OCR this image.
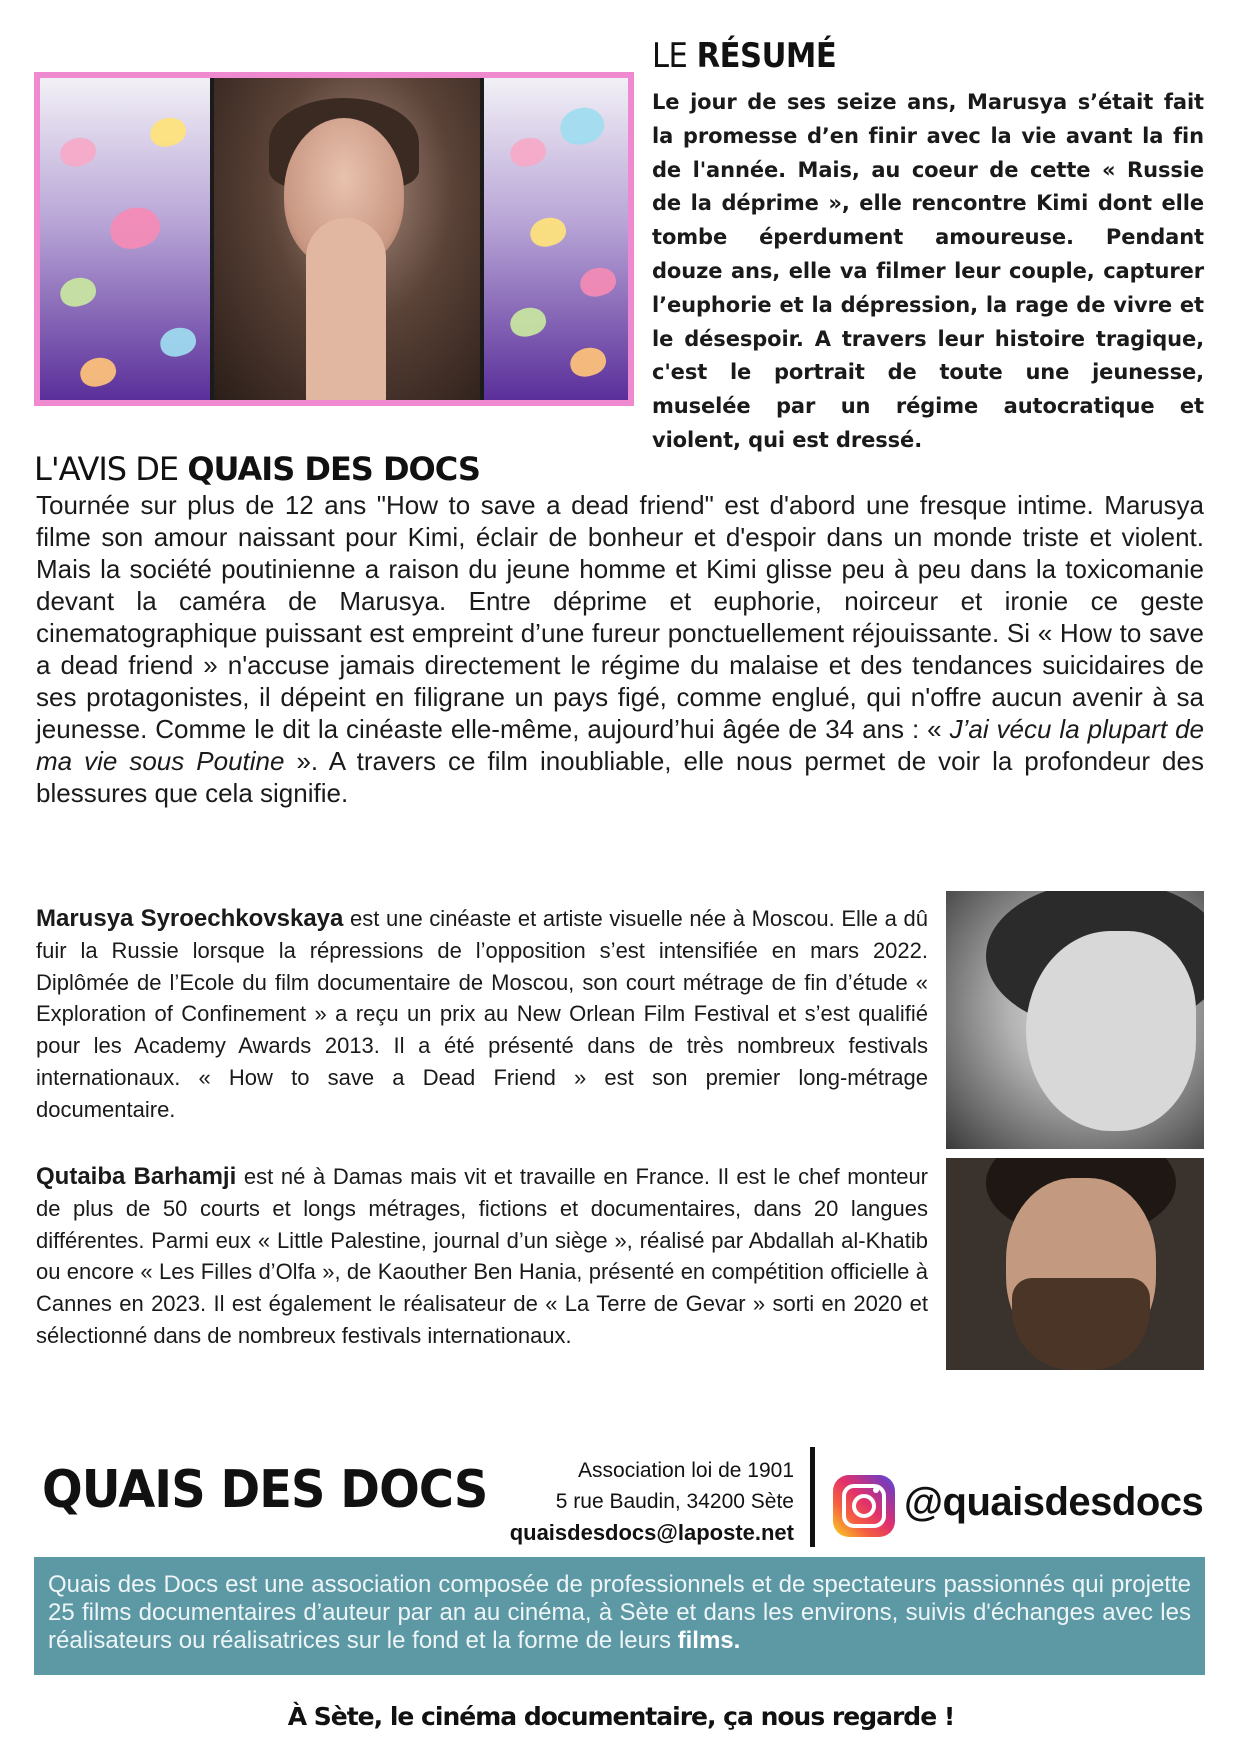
LE RÉSUMÉ
Le jour de ses seize ans, Marusya s’était fait la promesse d’en finir avec la vie avant la fin de l'année. Mais, au coeur de cette « Russie de la déprime », elle rencontre Kimi dont elle tombe éperdument amoureuse. Pendant douze ans, elle va filmer leur couple, capturer l’euphorie et la dépression, la rage de vivre et le désespoir. A travers leur histoire tragique, c'est le portrait de toute une jeunesse, muselée par un régime autocratique et violent, qui est dressé.
L'AVIS DE QUAIS DES DOCS
Tournée sur plus de 12 ans "How to save a dead friend" est d'abord une fresque intime. Marusya filme son amour naissant pour Kimi, éclair de bonheur et d'espoir dans un monde triste et violent. Mais la société poutinienne a raison du jeune homme et Kimi glisse peu à peu dans la toxicomanie devant la caméra de Marusya. Entre déprime et euphorie, noirceur et ironie ce geste cinematographique puissant est empreint d’une fureur ponctuellement réjouissante. Si « How to save a dead friend » n'accuse jamais directement le régime du malaise et des tendances suicidaires de ses protagonistes, il dépeint en filigrane un pays figé, comme englué, qui n'offre aucun avenir à sa jeunesse. Comme le dit la cinéaste elle-même, aujourd’hui âgée de 34 ans : « J’ai vécu la plupart de ma vie sous Poutine ». A travers ce film inoubliable, elle nous permet de voir la profondeur des blessures que cela signifie.
Marusya Syroechkovskaya est une cinéaste et artiste visuelle née à Moscou. Elle a dû fuir la Russie lorsque la répressions de l’opposition s’est intensifiée en mars 2022. Diplômée de l’Ecole du film documentaire de Moscou, son court métrage de fin d’étude « Exploration of Confinement » a reçu un prix au New Orlean Film Festival et s’est qualifié pour les Academy Awards 2013. Il a été présenté dans de très nombreux festivals internationaux. « How to save a Dead Friend » est son premier long-métrage documentaire.
Qutaiba Barhamji est né à Damas mais vit et travaille en France. Il est le chef monteur de plus de 50 courts et longs métrages, fictions et documentaires, dans 20 langues différentes. Parmi eux « Little Palestine, journal d’un siège », réalisé par Abdallah al-Khatib ou encore « Les Filles d’Olfa », de Kaouther Ben Hania, présenté en compétition officielle à Cannes en 2023. Il est également le réalisateur de « La Terre de Gevar » sorti en 2020 et sélectionné dans de nombreux festivals internationaux.
QUAIS DES DOCS	Association loi de 1901
5 rue Baudin, 34200 Sète
quaisdesdocs@laposte.net
@quaisdesdocs
Quais des Docs est une association composée de professionnels et de spectateurs passionnés qui projette 25 films documentaires d’auteur par an au cinéma, à Sète et dans les environs, suivis d'échanges avec les réalisateurs ou réalisatrices sur le fond et la forme de leurs films.
À Sète, le cinéma documentaire, ça nous regarde !
